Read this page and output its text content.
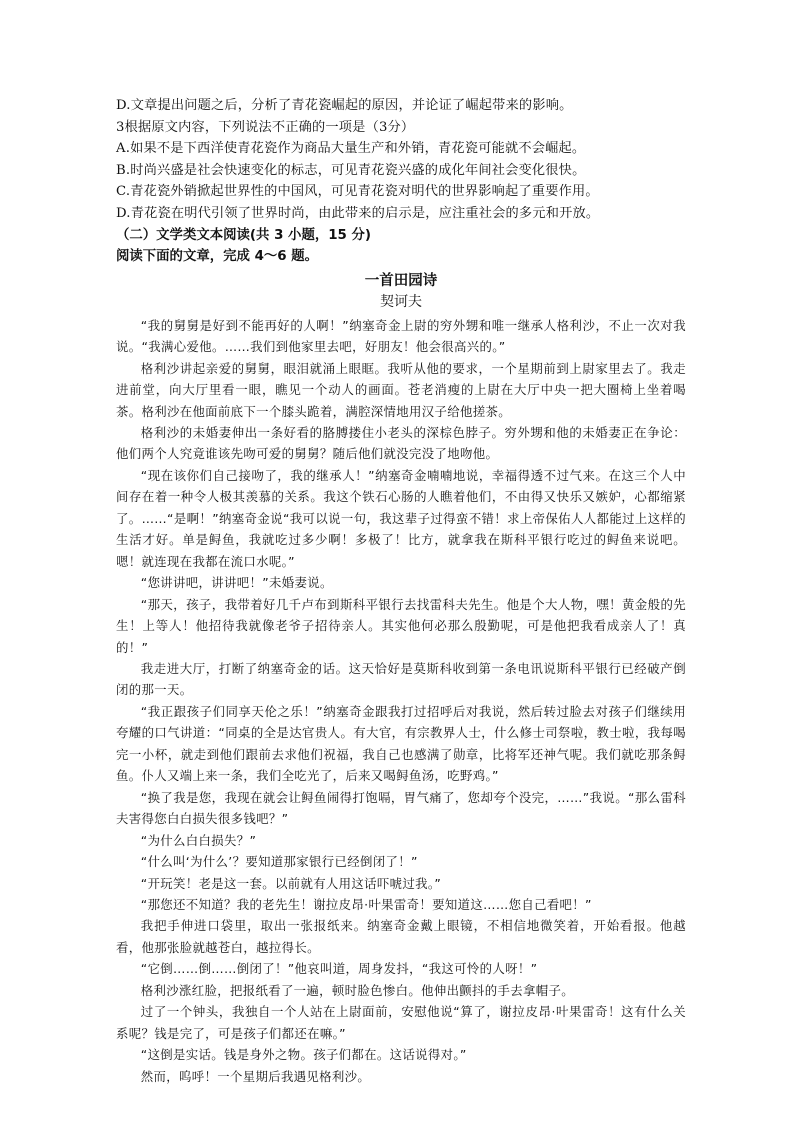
D.文章提出问题之后，分析了青花瓷崛起的原因，并论证了崛起带来的影响。
3根据原文内容，下列说法不正确的一项是（3分）
A.如果不是下西洋使青花瓷作为商品大量生产和外销，青花瓷可能就不会崛起。
B.时尚兴盛是社会快速变化的标志，可见青花瓷兴盛的成化年间社会变化很快。
C.青花瓷外销掀起世界性的中国风，可见青花瓷对明代的世界影响起了重要作用。
D.青花瓷在明代引领了世界时尚，由此带来的启示是，应注重社会的多元和开放。
（二）文学类文本阅读(共 3 小题，15 分)
阅读下面的文章，完成 4～6 题。
一首田园诗
契诃夫

“我的舅舅是好到不能再好的人啊！”纳塞奇金上尉的穷外甥和唯一继承人格利沙，不止一次对我说。“我满心爱他。……我们到他家里去吧，好朋友！他会很高兴的。”

格利沙讲起亲爱的舅舅，眼泪就涌上眼眶。我听从他的要求，一个星期前到上尉家里去了。我走进前堂，向大厅里看一眼，瞧见一个动人的画面。苍老消瘦的上尉在大厅中央一把大圈椅上坐着喝茶。格利沙在他面前底下一个膝头跪着，满腔深情地用汉子给他搓茶。

格利沙的未婚妻伸出一条好看的胳膊搂住小老头的深棕色脖子。穷外甥和他的未婚妻正在争论：他们两个人究竟谁该先吻可爱的舅舅？随后他们就没完没了地吻他。

“现在该你们自己接吻了，我的继承人！”纳塞奇金喃喃地说，幸福得透不过气来。在这三个人中间存在着一种令人极其羡慕的关系。我这个铁石心肠的人瞧着他们，不由得又快乐又嫉妒，心都缩紧了。……“是啊！”纳塞奇金说“我可以说一句，我这辈子过得蛮不错！求上帝保佑人人都能过上这样的生活才好。单是鲟鱼，我就吃过多少啊！多极了！比方，就拿我在斯科平银行吃过的鲟鱼来说吧。嗯！就连现在我都在流口水呢。”

“您讲讲吧，讲讲吧！”未婚妻说。

“那天，孩子，我带着好几千卢布到斯科平银行去找雷科夫先生。他是个大人物，嘿！黄金般的先生！上等人！他招待我就像老爷子招待亲人。其实他何必那么殷勤呢，可是他把我看成亲人了！真的！”

我走进大厅，打断了纳塞奇金的话。这天恰好是莫斯科收到第一条电讯说斯科平银行已经破产倒闭的那一天。

“我正跟孩子们同享天伦之乐！”纳塞奇金跟我打过招呼后对我说，然后转过脸去对孩子们继续用夸耀的口气讲道：“同桌的全是达官贵人。有大官，有宗教界人士，什么修士司祭啦，教士啦，我每喝完一小杯，就走到他们跟前去求他们祝福，我自己也感满了勋章，比将军还神气呢。我们就吃那条鲟鱼。仆人又端上来一条，我们全吃光了，后来又喝鲟鱼汤，吃野鸡。”

“换了我是您，我现在就会让鲟鱼闹得打饱嗝，胃气痛了，您却夸个没完，……”我说。“那么雷科夫害得您白白损失很多钱吧？”

“为什么白白损失？”

“什么叫‘为什么’？要知道那家银行已经倒闭了！”

“开玩笑！老是这一套。以前就有人用这话吓唬过我。”

“那您还不知道？我的老先生！谢拉皮昂·叶果雷奇！要知道这……您自己看吧！”

我把手伸进口袋里，取出一张报纸来。纳塞奇金戴上眼镜，不相信地微笑着，开始看报。他越看，他那张脸就越苍白，越拉得长。

“它倒……倒……倒闭了！”他哀叫道，周身发抖，“我这可怜的人呀！”

格利沙涨红脸，把报纸看了一遍，顿时脸色惨白。他伸出颤抖的手去拿帽子。

过了一个钟头，我独自一个人站在上尉面前，安慰他说“算了，谢拉皮昂·叶果雷奇！这有什么关系呢？钱是完了，可是孩子们都还在嘛。”

“这倒是实话。钱是身外之物。孩子们都在。这话说得对。”

然而，呜呼！一个星期后我遇见格利沙。
